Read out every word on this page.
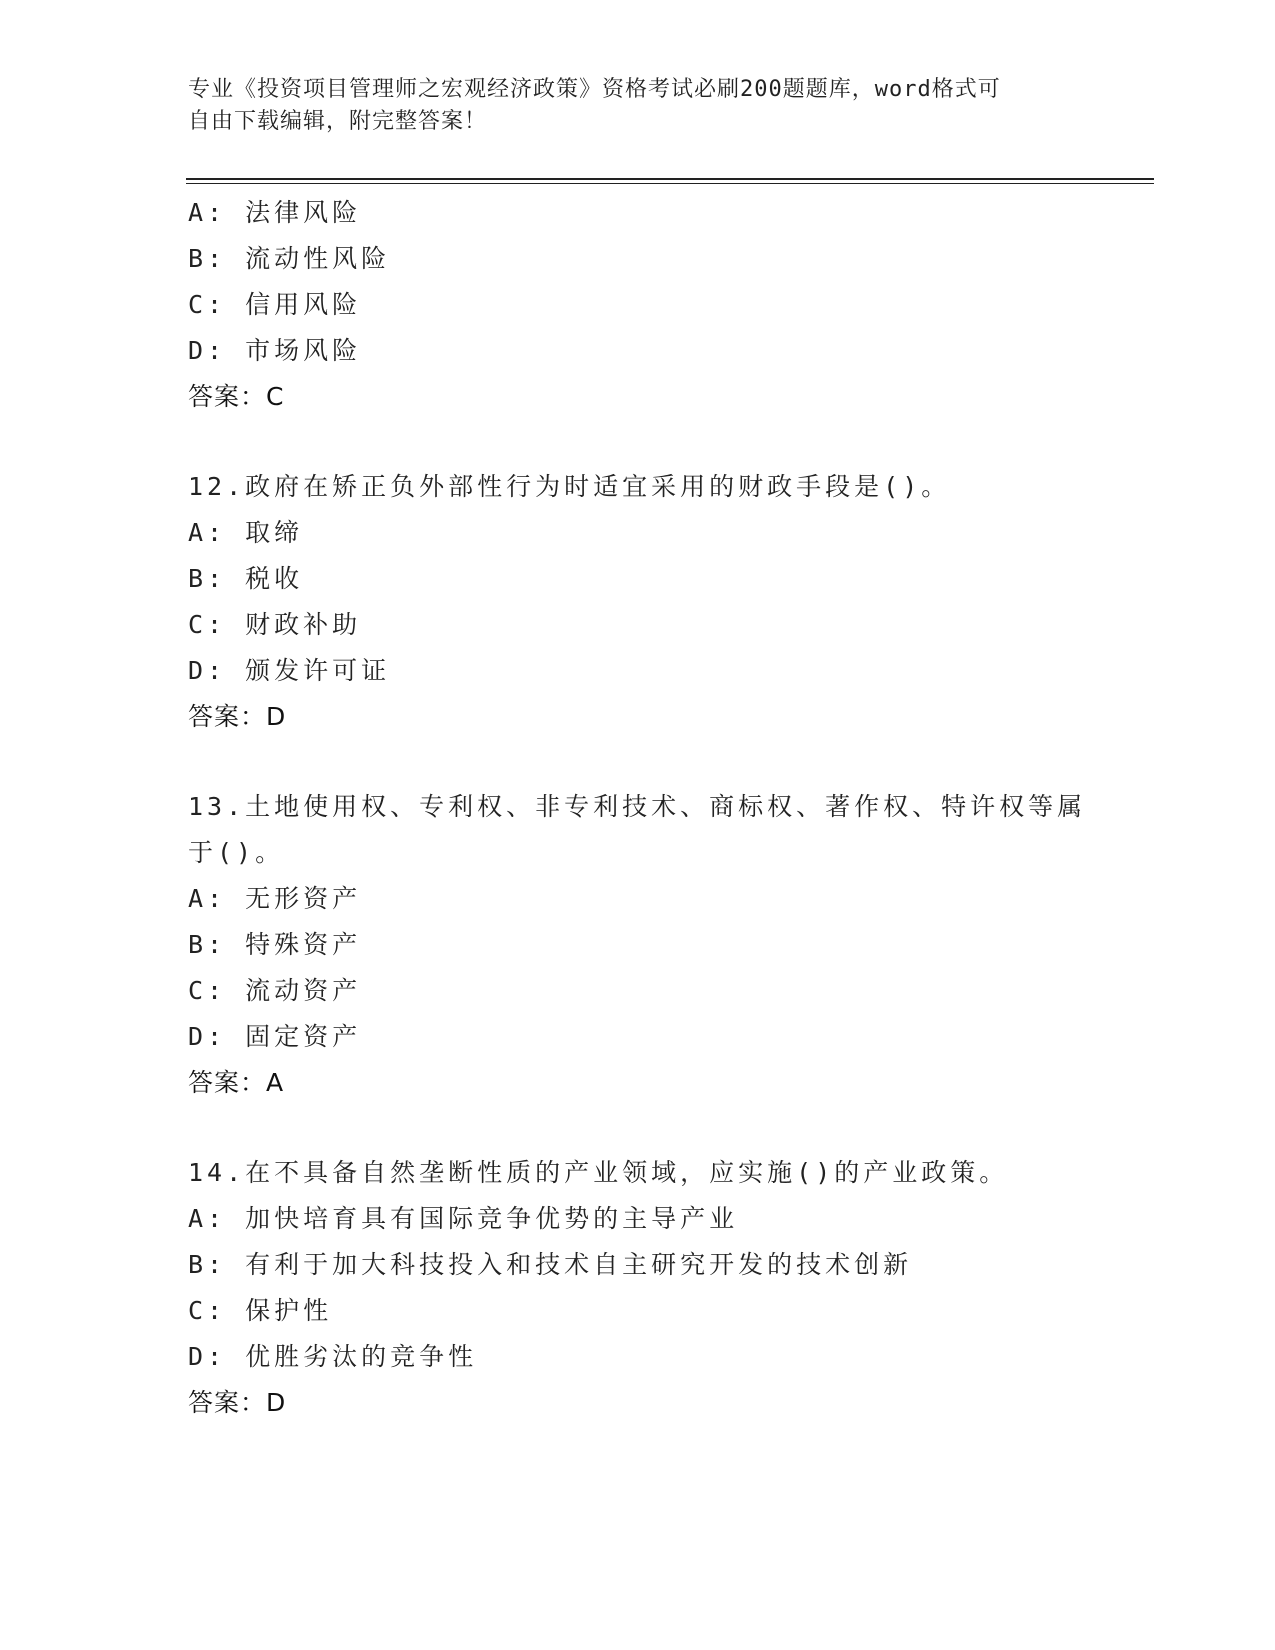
专业《投资项目管理师之宏观经济政策》资格考试必刷200题题库，word格式可
自由下载编辑，附完整答案！
A: 法律风险
B: 流动性风险
C: 信用风险
D: 市场风险
答案：C
12.政府在矫正负外部性行为时适宜采用的财政手段是()。
A: 取缔
B: 税收
C: 财政补助
D: 颁发许可证
答案：D
13.土地使用权、专利权、非专利技术、商标权、著作权、特许权等属
于()。
A: 无形资产
B: 特殊资产
C: 流动资产
D: 固定资产
答案：A
14.在不具备自然垄断性质的产业领域，应实施()的产业政策。
A: 加快培育具有国际竞争优势的主导产业
B: 有利于加大科技投入和技术自主研究开发的技术创新
C: 保护性
D: 优胜劣汰的竞争性
答案：D
